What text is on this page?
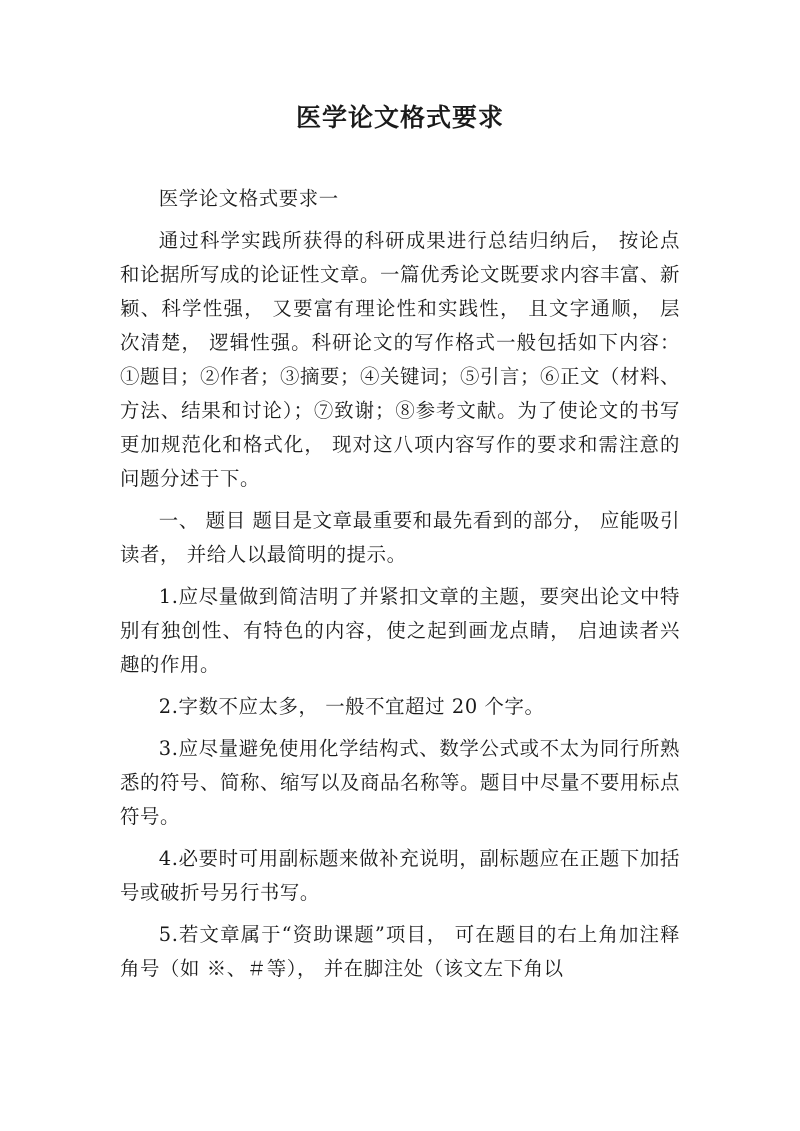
医学论文格式要求

医学论文格式要求一

通过科学实践所获得的科研成果进行总结归纳后， 按论点和论据所写成的论证性文章。一篇优秀论文既要求内容丰富、新颖、科学性强， 又要富有理论性和实践性， 且文字通顺， 层次清楚， 逻辑性强。科研论文的写作格式一般包括如下内容：①题目；②作者；③摘要；④关键词；⑤引言；⑥正文（材料、方法、结果和讨论）；⑦致谢；⑧参考文献。为了使论文的书写更加规范化和格式化， 现对这八项内容写作的要求和需注意的问题分述于下。

一、 题目 题目是文章最重要和最先看到的部分， 应能吸引读者， 并给人以最简明的提示。

1.应尽量做到简洁明了并紧扣文章的主题，要突出论文中特别有独创性、有特色的内容，使之起到画龙点睛， 启迪读者兴趣的作用。

2.字数不应太多， 一般不宜超过 20 个字。

3.应尽量避免使用化学结构式、数学公式或不太为同行所熟悉的符号、简称、缩写以及商品名称等。题目中尽量不要用标点符号。

4.必要时可用副标题来做补充说明，副标题应在正题下加括号或破折号另行书写。

5.若文章属于“资助课题”项目， 可在题目的右上角加注释角号（如 ※、＃等）， 并在脚注处（该文左下角以
